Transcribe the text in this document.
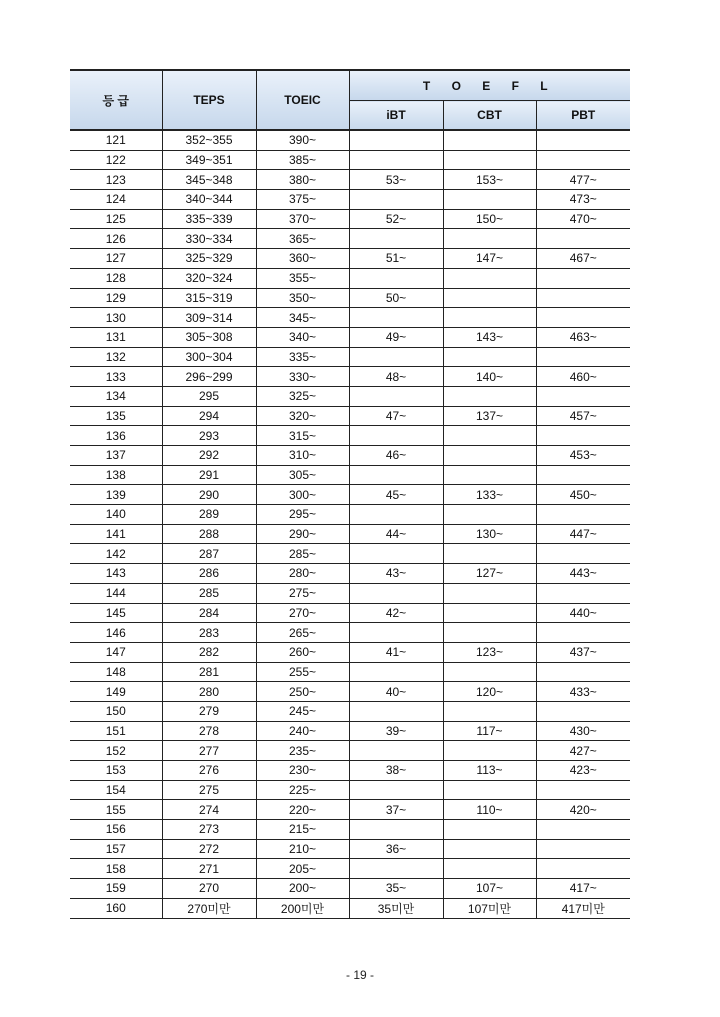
등 급	TEPS	TOEIC	T O E F L		
			iBT	CBT	PBT
121	352~355	390~			
122	349~351	385~			
123	345~348	380~	53~	153~	477~
124	340~344	375~			473~
125	335~339	370~	52~	150~	470~
126	330~334	365~			
127	325~329	360~	51~	147~	467~
128	320~324	355~			
129	315~319	350~	50~		
130	309~314	345~			
131	305~308	340~	49~	143~	463~
132	300~304	335~			
133	296~299	330~	48~	140~	460~
134	295	325~			
135	294	320~	47~	137~	457~
136	293	315~			
137	292	310~	46~		453~
138	291	305~			
139	290	300~	45~	133~	450~
140	289	295~			
141	288	290~	44~	130~	447~
142	287	285~			
143	286	280~	43~	127~	443~
144	285	275~			
145	284	270~	42~		440~
146	283	265~			
147	282	260~	41~	123~	437~
148	281	255~			
149	280	250~	40~	120~	433~
150	279	245~			
151	278	240~	39~	117~	430~
152	277	235~			427~
153	276	230~	38~	113~	423~
154	275	225~			
155	274	220~	37~	110~	420~
156	273	215~			
157	272	210~	36~		
158	271	205~			
159	270	200~	35~	107~	417~
160	270미만	200미만	35미만	107미만	417미만
- 19 -
